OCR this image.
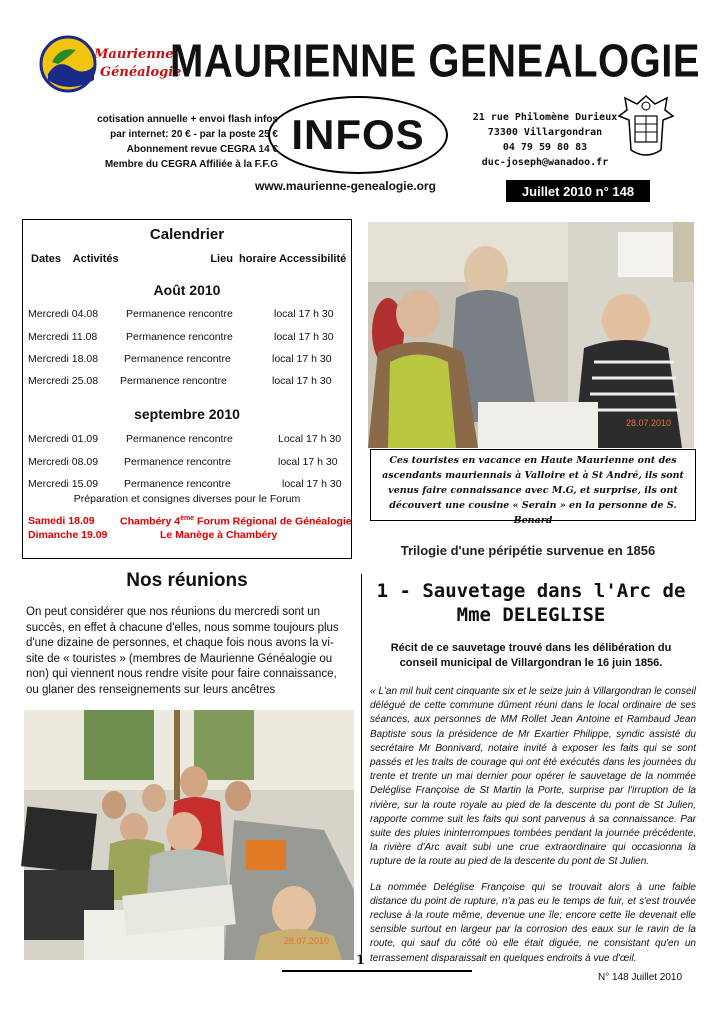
Maurienne
Généalogie
MAURIENNE GENEALOGIE
cotisation annuelle + envoi flash infos
par internet: 20 € - par la poste 25 €
Abonnement revue CEGRA 14 €
Membre du CEGRA Affiliée à la F.F.G
INFOS	21 rue Philomène Durieux
73300 Villargondran
04 79 59 80 83
duc-joseph@wanadoo.fr
www.maurienne-genealogie.org	Juillet 2010 n° 148
Calendrier
Dates    Activités                              Lieu  horaire Accessibilité
Août 2010
Mercredi 04.08	Permanence rencontre	local 17 h 30
Mercredi 11.08	Permanence rencontre	local 17 h 30
Mercredi 18.08 Permanence rencontre	local 17 h 30
Mercredi 25.08 Permanence rencontre	local 17 h 30
septembre 2010
Mercredi 01.09	Permanence rencontre	Local 17 h 30
Mercredi 08.09 Permanence rencontre	local 17 h 30
Mercredi 15.09 Permanence rencontre	local 17 h 30
Préparation et consignes diverses pour le Forum
Samedi 18.09 Chambéry 4ème Forum Régional de Généalogie
Dimanche 19.09	Le Manège à Chambéry
28.07.2010
Ces touristes en vacance en Haute Maurienne ont des
ascendants mauriennais à Valloire et à St André, ils sont
venus faire connaissance avec M.G, et surprise, ils ont
découvert une cousine « Serain » en la personne de S. Benard
Nos réunions
On peut considérer que nos réunions du mercredi sont un
succès, en effet à chacune d'elles, nous somme toujours plus
d'une dizaine de personnes, et chaque fois nous avons la vi-
site de « touristes » (membres de Maurienne Généalogie ou
non) qui viennent nous rendre visite pour faire connaissance,
ou glaner des renseignements sur leurs ancêtres
28.07.2010
Trilogie d'une péripétie survenue en 1856
1 - Sauvetage dans l'Arc de
Mme DELEGLISE
Récit de ce sauvetage trouvé dans les délibération du
conseil municipal de Villargondran le 16 juin 1856.

« L'an mil huit cent cinquante six et le seize juin à Villargondran le conseil délégué de cette commune dûment réuni dans le local ordinaire de ses séances, aux personnes de MM Rollet Jean Antoine et Rambaud Jean Baptiste sous la présidence de Mr Exartier Philippe, syndic assisté du secrétaire Mr Bonnivard, notaire invité à exposer les faits qui se sont passés et les traits de courage qui ont été exécutés dans les journées du trente et trente un mai dernier pour opérer le sauvetage de la nommée Deléglise Françoise de St Martin la Porte, surprise par l'irruption de la rivière, sur la route royale au pied de la descente du pont de St Julien, rapporte comme suit les faits qui sont parvenus à sa connaissance. Par suite des pluies ininterrompues tombées pendant la journée précédente, la rivière d'Arc avait subi une crue extraordinaire qui occasionna la rupture de la route au pied de la descente du pont de St Julien.

La nommée Deléglise Françoise qui se trouvait alors à une faible distance du point de rupture, n'a pas eu le temps de fuir, et s'est trouvée recluse à la route même, devenue une île; encore cette île devenait elle sensible surtout en largeur par la corrosion des eaux sur le ravin de la route, qui sauf du côté où elle était diguée, ne consistant qu'en un terrassement disparaissait en quelques endroits à vue d'œil.

1
N° 148 Juillet 2010
